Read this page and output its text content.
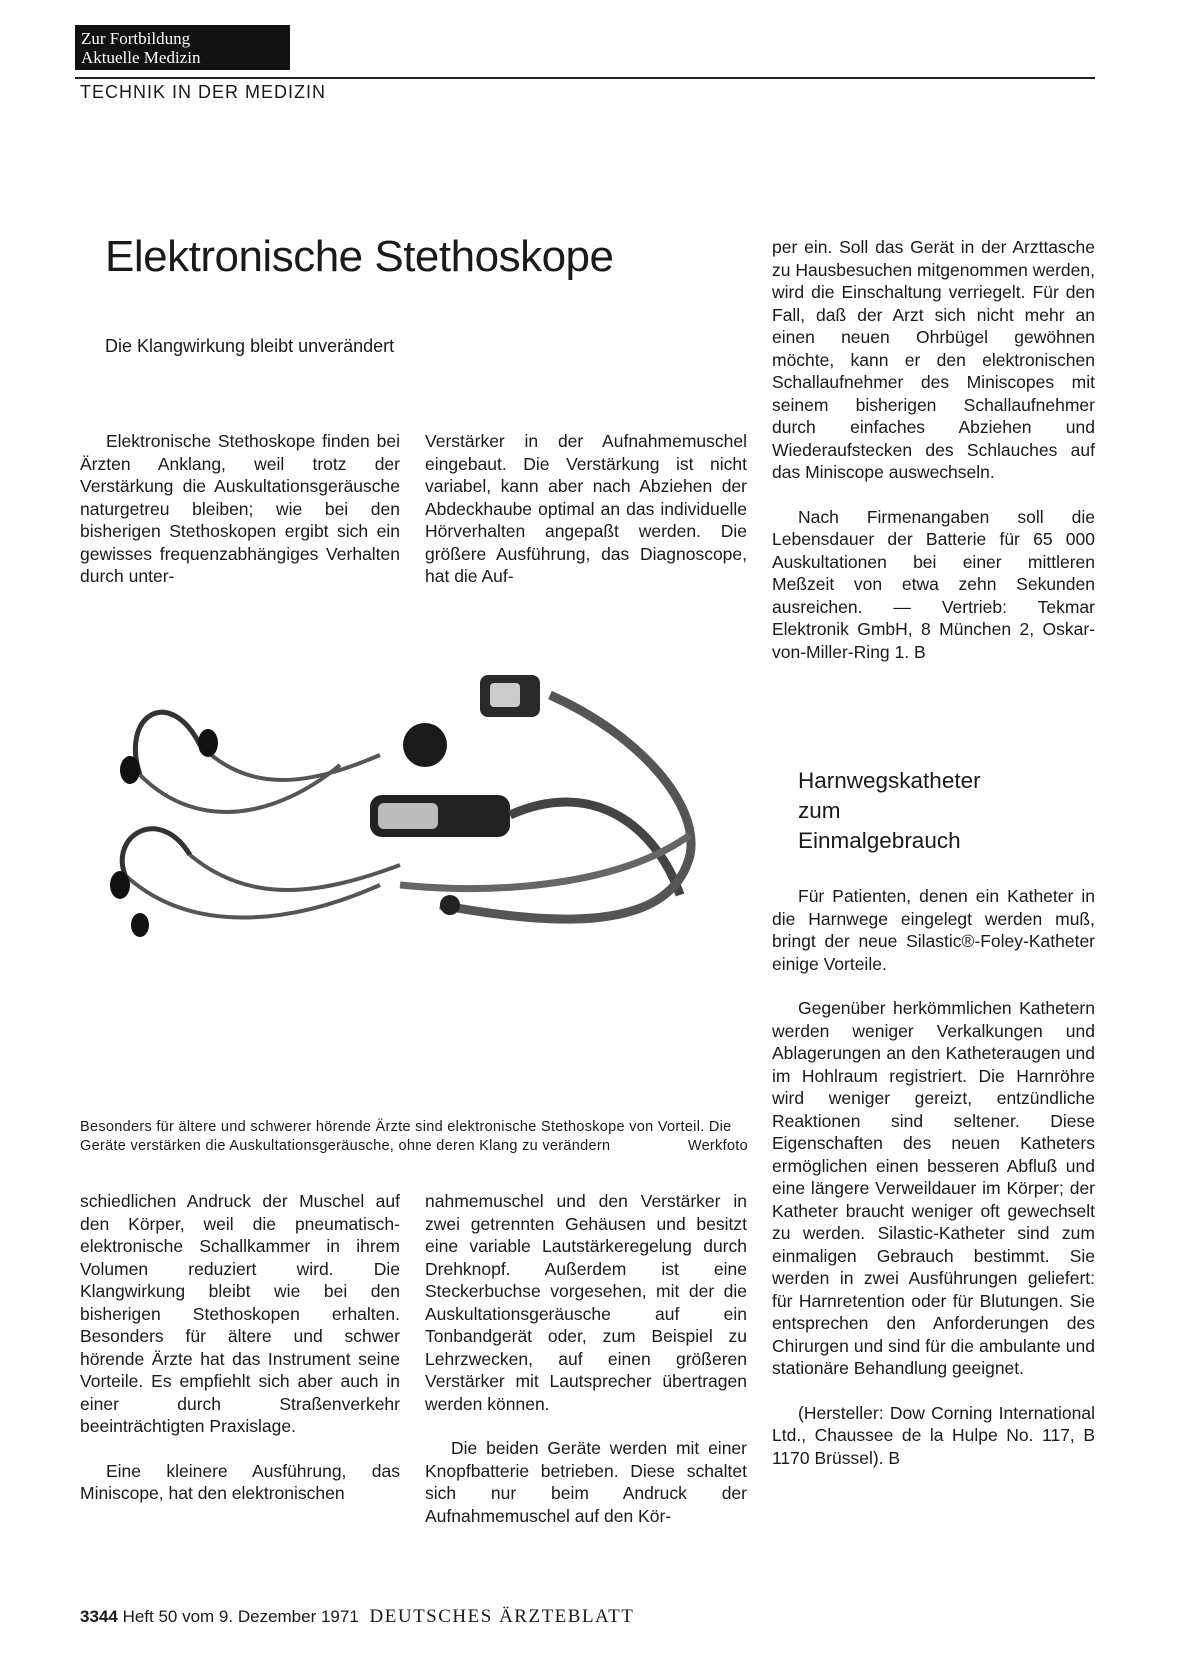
Zur Fortbildung
Aktuelle Medizin
TECHNIK IN DER MEDIZIN
Elektronische Stethoskope
Die Klangwirkung bleibt unverändert

Elektronische Stethoskope finden bei Ärzten Anklang, weil trotz der Verstärkung die Auskultationsgeräusche naturgetreu bleiben; wie bei den bisherigen Stethoskopen ergibt sich ein gewisses frequenzabhängiges Verhalten durch unter-

Verstärker in der Aufnahmemuschel eingebaut. Die Verstärkung ist nicht variabel, kann aber nach Abziehen der Abdeckhaube optimal an das individuelle Hörverhalten angepaßt werden. Die größere Ausführung, das Diagnoscope, hat die Auf-

Besonders für ältere und schwerer hörende Ärzte sind elektronische Stethoskope von Vorteil. Die Geräte verstärken die Auskultationsgeräusche, ohne deren Klang zu verändern	Werkfoto

schiedlichen Andruck der Muschel auf den Körper, weil die pneumatisch-elektronische Schallkammer in ihrem Volumen reduziert wird. Die Klangwirkung bleibt wie bei den bisherigen Stethoskopen erhalten. Besonders für ältere und schwer hörende Ärzte hat das Instrument seine Vorteile. Es empfiehlt sich aber auch in einer durch Straßenverkehr beeinträchtigten Praxislage.

Eine kleinere Ausführung, das Miniscope, hat den elektronischen

nahmemuschel und den Verstärker in zwei getrennten Gehäusen und besitzt eine variable Lautstärkeregelung durch Drehknopf. Außerdem ist eine Steckerbuchse vorgesehen, mit der die Auskultationsgeräusche auf ein Tonbandgerät oder, zum Beispiel zu Lehrzwecken, auf einen größeren Verstärker mit Lautsprecher übertragen werden können.

Die beiden Geräte werden mit einer Knopfbatterie betrieben. Diese schaltet sich nur beim Andruck der Aufnahmemuschel auf den Kör-

per ein. Soll das Gerät in der Arzttasche zu Hausbesuchen mitgenommen werden, wird die Einschaltung verriegelt. Für den Fall, daß der Arzt sich nicht mehr an einen neuen Ohrbügel gewöhnen möchte, kann er den elektronischen Schallaufnehmer des Miniscopes mit seinem bisherigen Schallaufnehmer durch einfaches Abziehen und Wiederaufstecken des Schlauches auf das Miniscope auswechseln.

Nach Firmenangaben soll die Lebensdauer der Batterie für 65 000 Auskultationen bei einer mittleren Meßzeit von etwa zehn Sekunden ausreichen. — Vertrieb: Tekmar Elektronik GmbH, 8 München 2, Oskar-von-Miller-Ring 1. B

Harnwegskatheter
zum
Einmalgebrauch

Für Patienten, denen ein Katheter in die Harnwege eingelegt werden muß, bringt der neue Silastic®-Foley-Katheter einige Vorteile.

Gegenüber herkömmlichen Kathetern werden weniger Verkalkungen und Ablagerungen an den Katheteraugen und im Hohlraum registriert. Die Harnröhre wird weniger gereizt, entzündliche Reaktionen sind seltener. Diese Eigenschaften des neuen Katheters ermöglichen einen besseren Abfluß und eine längere Verweildauer im Körper; der Katheter braucht weniger oft gewechselt zu werden. Silastic-Katheter sind zum einmaligen Gebrauch bestimmt. Sie werden in zwei Ausführungen geliefert: für Harnretention oder für Blutungen. Sie entsprechen den Anforderungen des Chirurgen und sind für die ambulante und stationäre Behandlung geeignet.

(Hersteller: Dow Corning International Ltd., Chaussee de la Hulpe No. 117, B 1170 Brüssel). B

3344 Heft 50 vom 9. Dezember 1971 DEUTSCHES ÄRZTEBLATT
